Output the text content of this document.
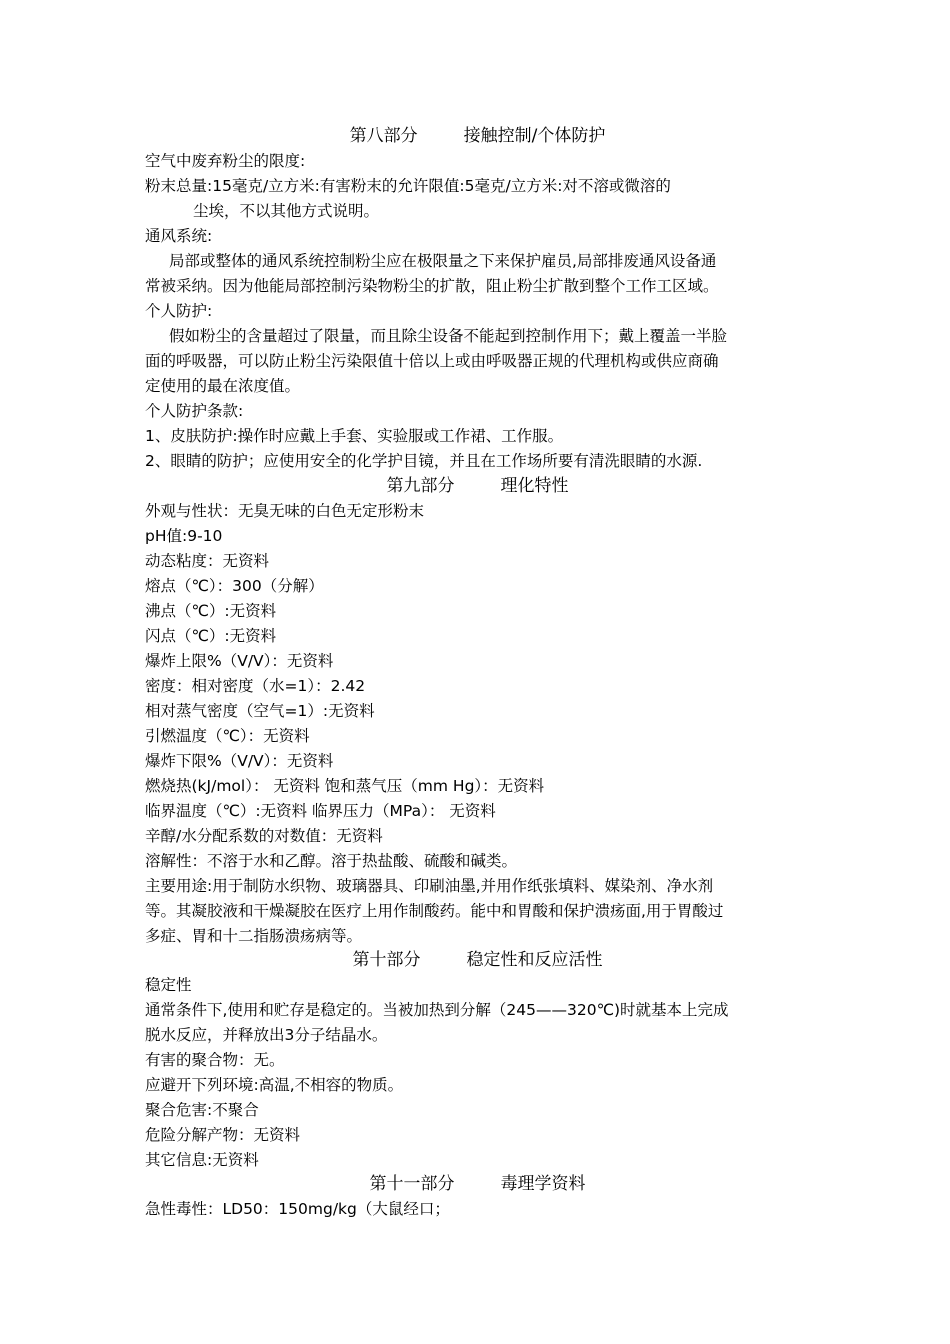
第八部分	接触控制/个体防护
空气中废弃粉尘的限度:
粉末总量:15毫克/立方米:有害粉末的允许限值:5毫克/立方米:对不溶或微溶的
尘埃，不以其他方式说明。
通风系统:
局部或整体的通风系统控制粉尘应在极限量之下来保护雇员,局部排废通风设备通
常被采纳。因为他能局部控制污染物粉尘的扩散，阻止粉尘扩散到整个工作工区域。
个人防护:
假如粉尘的含量超过了限量，而且除尘设备不能起到控制作用下；戴上覆盖一半脸
面的呼吸器，可以防止粉尘污染限值十倍以上或由呼吸器正规的代理机构或供应商确
定使用的最在浓度值。
个人防护条款:
1、皮肤防护:操作时应戴上手套、实验服或工作裙、工作服。
2、眼睛的防护；应使用安全的化学护目镜，并且在工作场所要有清洗眼睛的水源.
第九部分	理化特性
外观与性状：无臭无味的白色无定形粉末
pH值:9-10
动态粘度：无资料
熔点（℃）：300（分解）
沸点（℃）:无资料
闪点（℃）:无资料
爆炸上限%（V/V）：无资料
密度：相对密度（水=1）：2.42
相对蒸气密度（空气=1）:无资料
引燃温度（℃）：无资料
爆炸下限%（V/V）：无资料
燃烧热(kJ/mol）： 无资料 饱和蒸气压（mm Hg）：无资料
临界温度（℃）:无资料 临界压力（MPa）： 无资料
辛醇/水分配系数的对数值：无资料
溶解性：不溶于水和乙醇。溶于热盐酸、硫酸和碱类。
主要用途:用于制防水织物、玻璃器具、印刷油墨,并用作纸张填料、媒染剂、净水剂
等。其凝胶液和干燥凝胶在医疗上用作制酸药。能中和胃酸和保护溃疡面,用于胃酸过
多症、胃和十二指肠溃疡病等。
第十部分	稳定性和反应活性
稳定性
通常条件下,使用和贮存是稳定的。当被加热到分解（245——320℃)时就基本上完成
脱水反应，并释放出3分子结晶水。
有害的聚合物：无。
应避开下列环境:高温,不相容的物质。
聚合危害:不聚合
危险分解产物：无资料
其它信息:无资料
第十一部分	毒理学资料
急性毒性：LD50：150mg/kg（大鼠经口；
